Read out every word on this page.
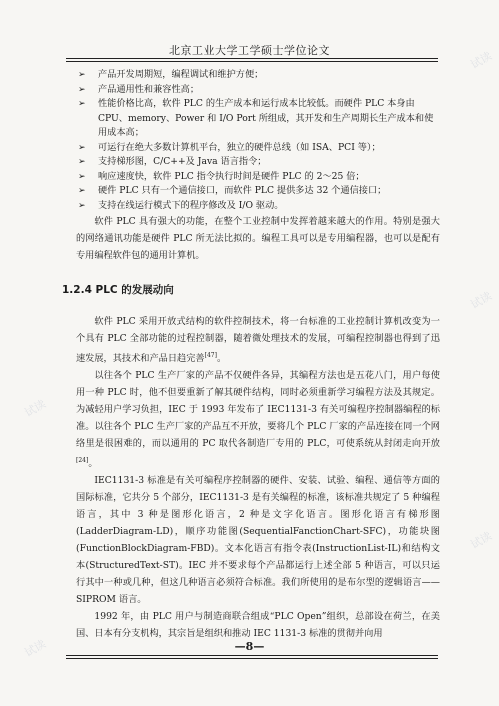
北京工业大学工学硕士学位论文
➢ 产品开发周期短，编程调试和维护方便；
➢ 产品通用性和兼容性高；
➢ 性能价格比高，软件 PLC 的生产成本和运行成本比较低。而硬件 PLC 本身由 CPU、memory、Power 和 I/O Port 所组成，其开发和生产周期长生产成本和使用成本高；
➢ 可运行在绝大多数计算机平台，独立的硬件总线（如 ISA、PCI 等）；
➢ 支持梯形图，C/C++及 Java 语言指令；
➢ 响应速度快，软件 PLC 指令执行时间是硬件 PLC 的 2～25 倍；
➢ 硬件 PLC 只有一个通信接口，而软件 PLC 提供多达 32 个通信接口；
➢ 支持在线运行模式下的程序修改及 I/O 驱动。

软件 PLC 具有强大的功能，在整个工业控制中发挥着越来越大的作用。特别是强大的网络通讯功能是硬件 PLC 所无法比拟的。编程工具可以是专用编程器，也可以是配有专用编程软件包的通用计算机。

1.2.4 PLC 的发展动向

软件 PLC 采用开放式结构的软件控制技术，将一台标准的工业控制计算机改变为一个具有 PLC 全部功能的过程控制器，随着微处理技术的发展，可编程控制器也得到了迅速发展，其技术和产品日趋完善[47]。

以往各个 PLC 生产厂家的产品不仅硬件各异，其编程方法也是五花八门，用户每使用一种 PLC 时，他不但要重新了解其硬件结构，同时必须重新学习编程方法及其规定。为减轻用户学习负担，IEC 于 1993 年发布了 IEC1131-3 有关可编程序控制器编程的标准。以往各个 PLC 生产厂家的产品互不开放，要将几个 PLC 厂家的产品连接在同一个网络里是很困难的，而以通用的 PC 取代各制造厂专用的 PLC，可使系统从封闭走向开放[24]。

IEC1131-3 标准是有关可编程序控制器的硬件、安装、试验、编程、通信等方面的国际标准，它共分 5 个部分，IEC1131-3 是有关编程的标准，该标准共规定了 5 种编程语言，其中 3 种是图形化语言，2 种是文字化语言。图形化语言有梯形图(LadderDiagram-LD)，顺序功能图(SequentialFanctionChart-SFC)，功能块图(FunctionBlockDiagram-FBD)。文本化语言有指令表(InstructionList-IL)和结构文本(StructuredText-ST)。IEC 并不要求每个产品都运行上述全部 5 种语言，可以只运行其中一种或几种，但这几种语言必须符合标准。我们所使用的是布尔型的逻辑语言——SIPROM 语言。

1992 年，由 PLC 用户与制造商联合组成“PLC Open”组织，总部设在荷兰，在美国、日本有分支机构，其宗旨是组织和推动 IEC 1131-3 标准的贯彻并向用

—8—
试读
试读
试读
试读
试读
